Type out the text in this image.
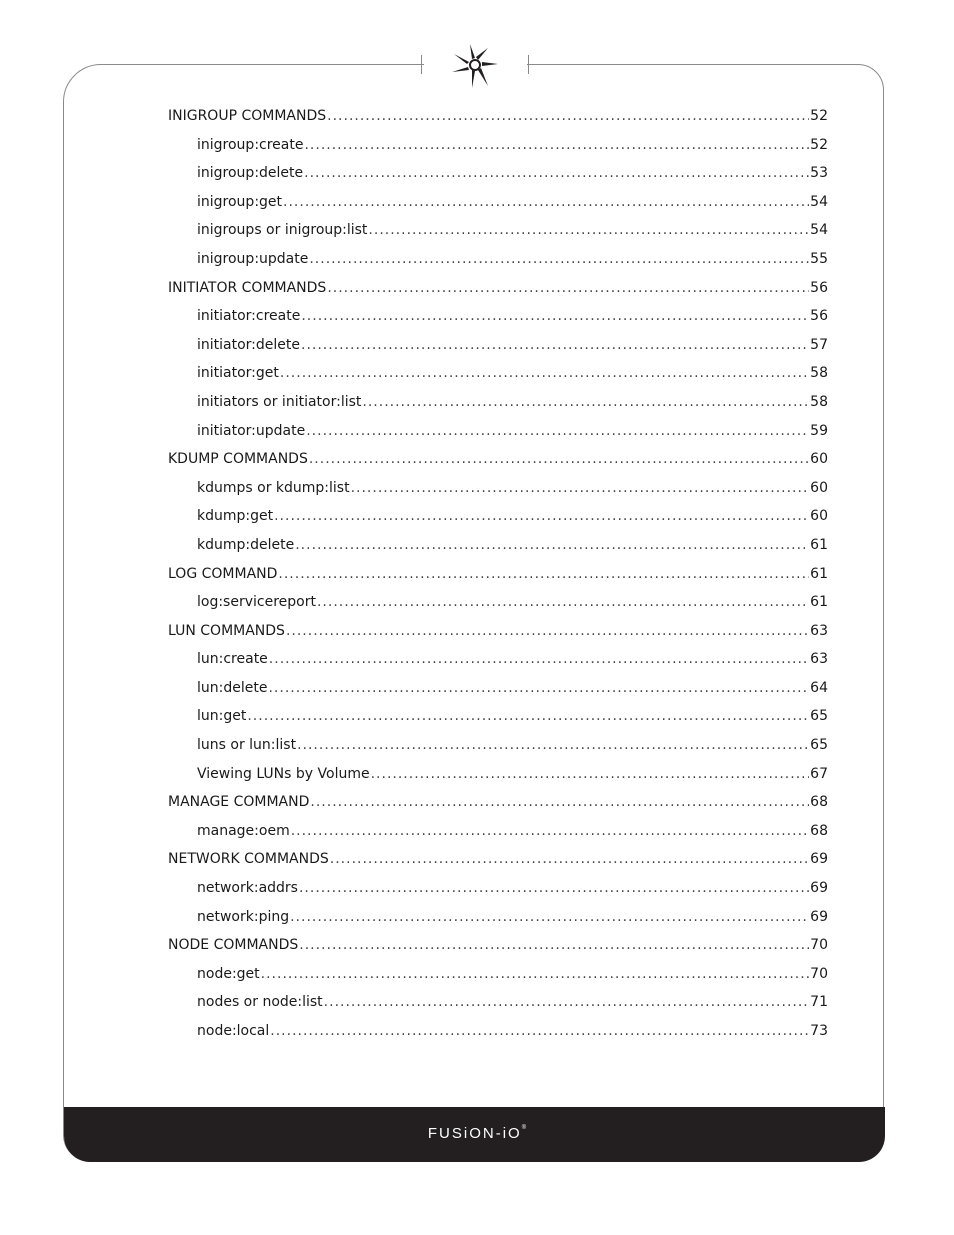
INIGROUP COMMANDS .....	52
inigroup:create .....	52
inigroup:delete .....	53
inigroup:get .....	54
inigroups or inigroup:list .....	54
inigroup:update .....	55
INITIATOR COMMANDS .....	56
initiator:create .....	56
initiator:delete .....	57
initiator:get .....	58
initiators or initiator:list .....	58
initiator:update .....	59
KDUMP COMMANDS .....	60
kdumps or kdump:list .....	60
kdump:get .....	60
kdump:delete .....	61
LOG COMMAND .....	61
log:servicereport .....	61
LUN COMMANDS .....	63
lun:create .....	63
lun:delete .....	64
lun:get .....	65
luns or lun:list .....	65
Viewing LUNs by Volume .....	67
MANAGE COMMAND .....	68
manage:oem .....	68
NETWORK COMMANDS .....	69
network:addrs .....	69
network:ping .....	69
NODE COMMANDS .....	70
node:get .....	70
nodes or node:list .....	71
node:local .....	73
FUSiON-iO®
